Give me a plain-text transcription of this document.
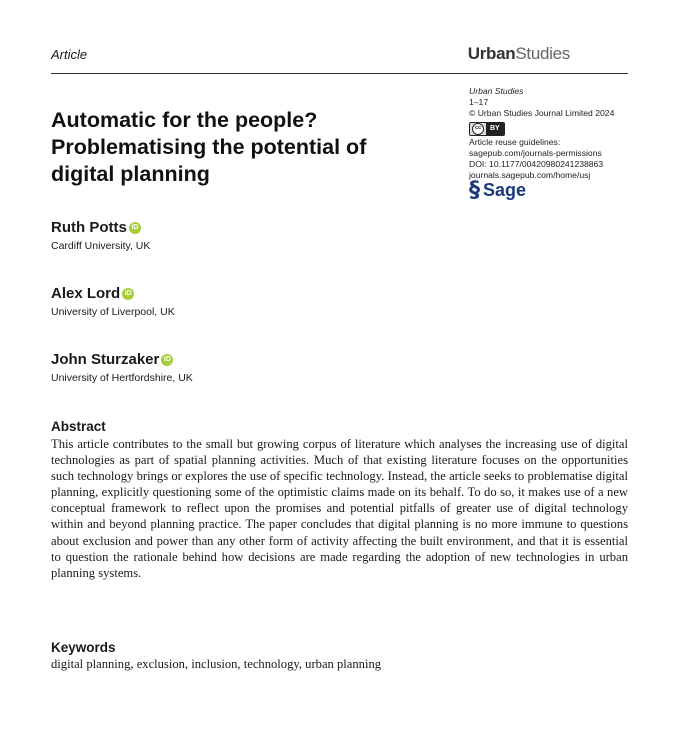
Article	UrbanStudies
Urban Studies
1–17
© Urban Studies Journal Limited 2024
cc	BY
Article reuse guidelines:
sagepub.com/journals-permissions
DOI: 10.1177/00420980241238863
journals.sagepub.com/home/usj
§ Sage
Automatic for the people?
Problematising the potential of
digital planning
Ruth Potts iD
Cardiff University, UK
Alex Lord iD
University of Liverpool, UK
John Sturzaker iD
University of Hertfordshire, UK
Abstract
This article contributes to the small but growing corpus of literature which analyses the increasing use of digital technologies as part of spatial planning activities. Much of that existing literature focuses on the opportunities such technology brings or explores the use of specific technology. Instead, the article seeks to problematise digital planning, explicitly questioning some of the optimistic claims made on its behalf. To do so, it makes use of a new conceptual framework to reflect upon the promises and potential pitfalls of greater use of digital technology within and beyond planning practice. The paper concludes that digital planning is no more immune to questions about exclusion and power than any other form of activity affecting the built environment, and that it is essential to question the rationale behind how decisions are made regarding the adoption of new technologies in urban planning systems.
Keywords
digital planning, exclusion, inclusion, technology, urban planning
